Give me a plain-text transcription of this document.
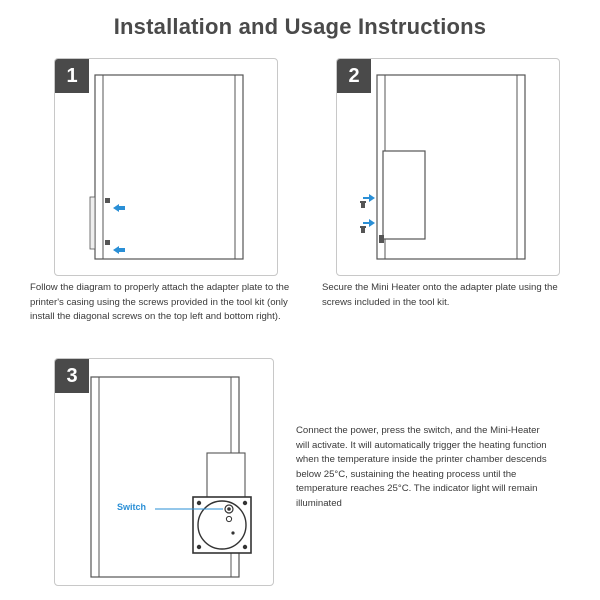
Installation and Usage Instructions
1	2
3
Switch
Follow the diagram to properly attach the adapter plate to the printer's casing using the screws provided in the tool kit (only install the diagonal screws on the top left and bottom right).
Secure the Mini Heater onto the adapter plate using the screws included in the tool kit.
Connect the power, press the switch, and the Mini-Heater will activate. It will automatically trigger the heating function when the temperature inside the printer chamber descends below 25°C, sustaining the heating process until the temperature reaches 25°C. The indicator light will remain illuminated
